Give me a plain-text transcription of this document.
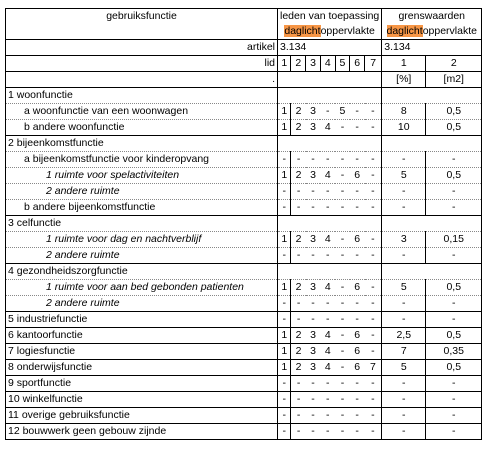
gebruiksfunctie	leden van toepassing							grenswaarden	
	daglichtoppervlakte							daglichtoppervlakte	
artikel	3.134							3.134	
lid	1	2	3	4	5	6	7	1	2
.								[%]	[m2]
1 woonfunctie									
a woonfunctie van een woonwagen	1	2	3	-	5	-	-	8	0,5
b andere woonfunctie	1	2	3	4	-	-	-	10	0,5
2 bijeenkomstfunctie									
a bijeenkomstfunctie voor kinderopvang	-	-	-	-	-	-	-	-	-
1 ruimte voor spelactiviteiten	1	2	3	4	-	6	-	5	0,5
2 andere ruimte	-	-	-	-	-	-	-	-	-
b andere bijeenkomstfunctie	-	-	-	-	-	-	-	-	-
3 celfunctie									
1 ruimte voor dag en nachtverblijf	1	2	3	4	-	6	-	3	0,15
2 andere ruimte	-	-	-	-	-	-	-	-	-
4 gezondheidszorgfunctie									
1 ruimte voor aan bed gebonden patienten	1	2	3	4	-	6	-	5	0,5
2 andere ruimte	-	-	-	-	-	-	-	-	-
5 industriefunctie	-	-	-	-	-	-	-	-	-
6 kantoorfunctie	1	2	3	4	-	6	-	2,5	0,5
7 logiesfunctie	1	2	3	4	-	6	-	7	0,35
8 onderwijsfunctie	1	2	3	4	-	6	7	5	0,5
9 sportfunctie	-	-	-	-	-	-	-	-	-
10 winkelfunctie	-	-	-	-	-	-	-	-	-
11 overige gebruiksfunctie	-	-	-	-	-	-	-	-	-
12 bouwwerk geen gebouw zijnde	-	-	-	-	-	-	-	-	-
